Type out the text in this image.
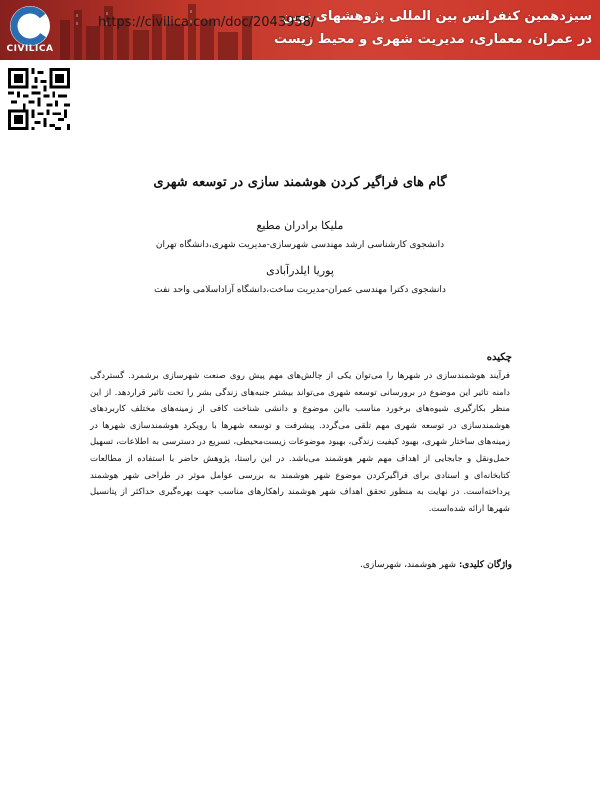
CIVILICA
سیزدهمین کنفرانس بین المللی پژوهشهای نوین
در عمران، معماری، مدیریت شهری و محیط زیست
https://civilica.com/doc/2043958/
گام های فراگیر کردن هوشمند سازی در توسعه شهری
ملیکا برادران مطیع
دانشجوی کارشناسی ارشد مهندسی شهرسازی-مدیریت شهری،دانشگاه تهران
پوریا ایلدرآبادی
دانشجوی دکترا مهندسی عمران-مدیریت ساخت،دانشگاه آزاداسلامی واحد نفت
چکیده
فرآیند هوشمندسازی در شهرها را می‌توان یکی از چالش‌های مهم پیش روی صنعت شهرسازی برشمرد. گستردگی دامنه تاثیر این موضوع در برورسانی توسعه شهری می‌تواند بیشتر جنبه‌های زندگی بشر را تحت تاثیر قراردهد. از این منظر بکارگیری شیوه‌های برخورد مناسب بااین موضوع و دانشی شناخت کافی از زمینه‌های مختلف کاربردهای هوشمندسازی در توسعه شهری مهم تلقی می‌گردد. پیشرفت و توسعه شهرها با رویکرد هوشمندسازی شهرها در زمینه‌های ساختار شهری، بهبود کیفیت زندگی، بهبود موضوعات زیست‌محیطی، تسریع در دسترسی به اطلاعات، تسهیل حمل‌ونقل و جابجایی از اهداف مهم شهر هوشمند می‌باشد. در این راستا، پژوهش حاضر با استفاده از مطالعات کتابخانه‌ای و اسنادی برای فراگیرکردن موضوع شهر هوشمند به بررسی عوامل موثر در طراحی شهر هوشمند پرداخته‌است. در نهایت به منظور تحقق اهداف شهر هوشمند راهکارهای مناسب جهت بهره‌گیری حداکثر از پتانسیل شهرها ارائه شده‌است.
واژگان کلیدی: شهر هوشمند، شهرسازی.
